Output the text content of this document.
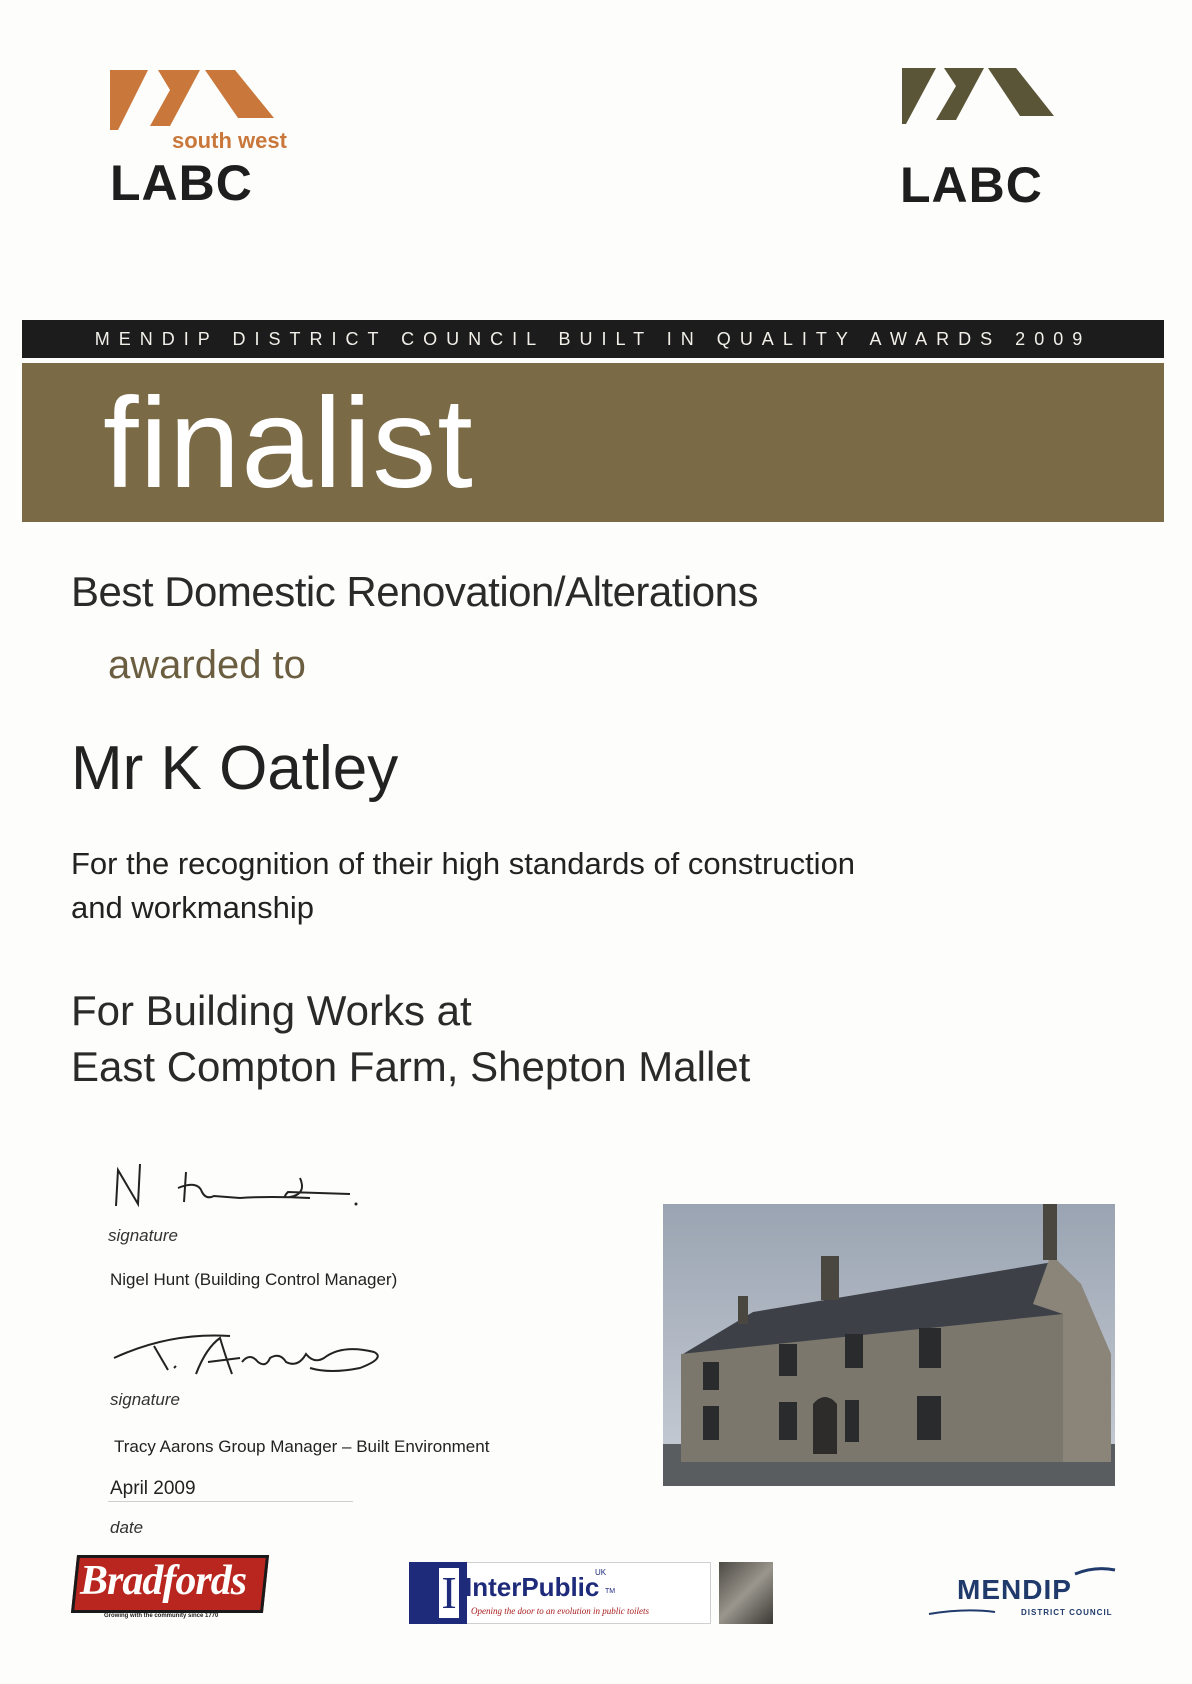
south west
LABC	LABC
MENDIP DISTRICT COUNCIL BUILT IN QUALITY AWARDS 2009
finalist
Best Domestic Renovation/Alterations
awarded to
Mr K Oatley
For the recognition of their high standards of construction
and workmanship
For Building Works at
East Compton Farm, Shepton Mallet
signature
Nigel Hunt (Building Control Manager)
signature
Tracy Aarons Group Manager – Built Environment
April 2009
date
Bradfords
Growing with the community since 1770	I InterPublic
UK
TM
Opening the door to an evolution in public toilets
MENDIP
DISTRICT COUNCIL
